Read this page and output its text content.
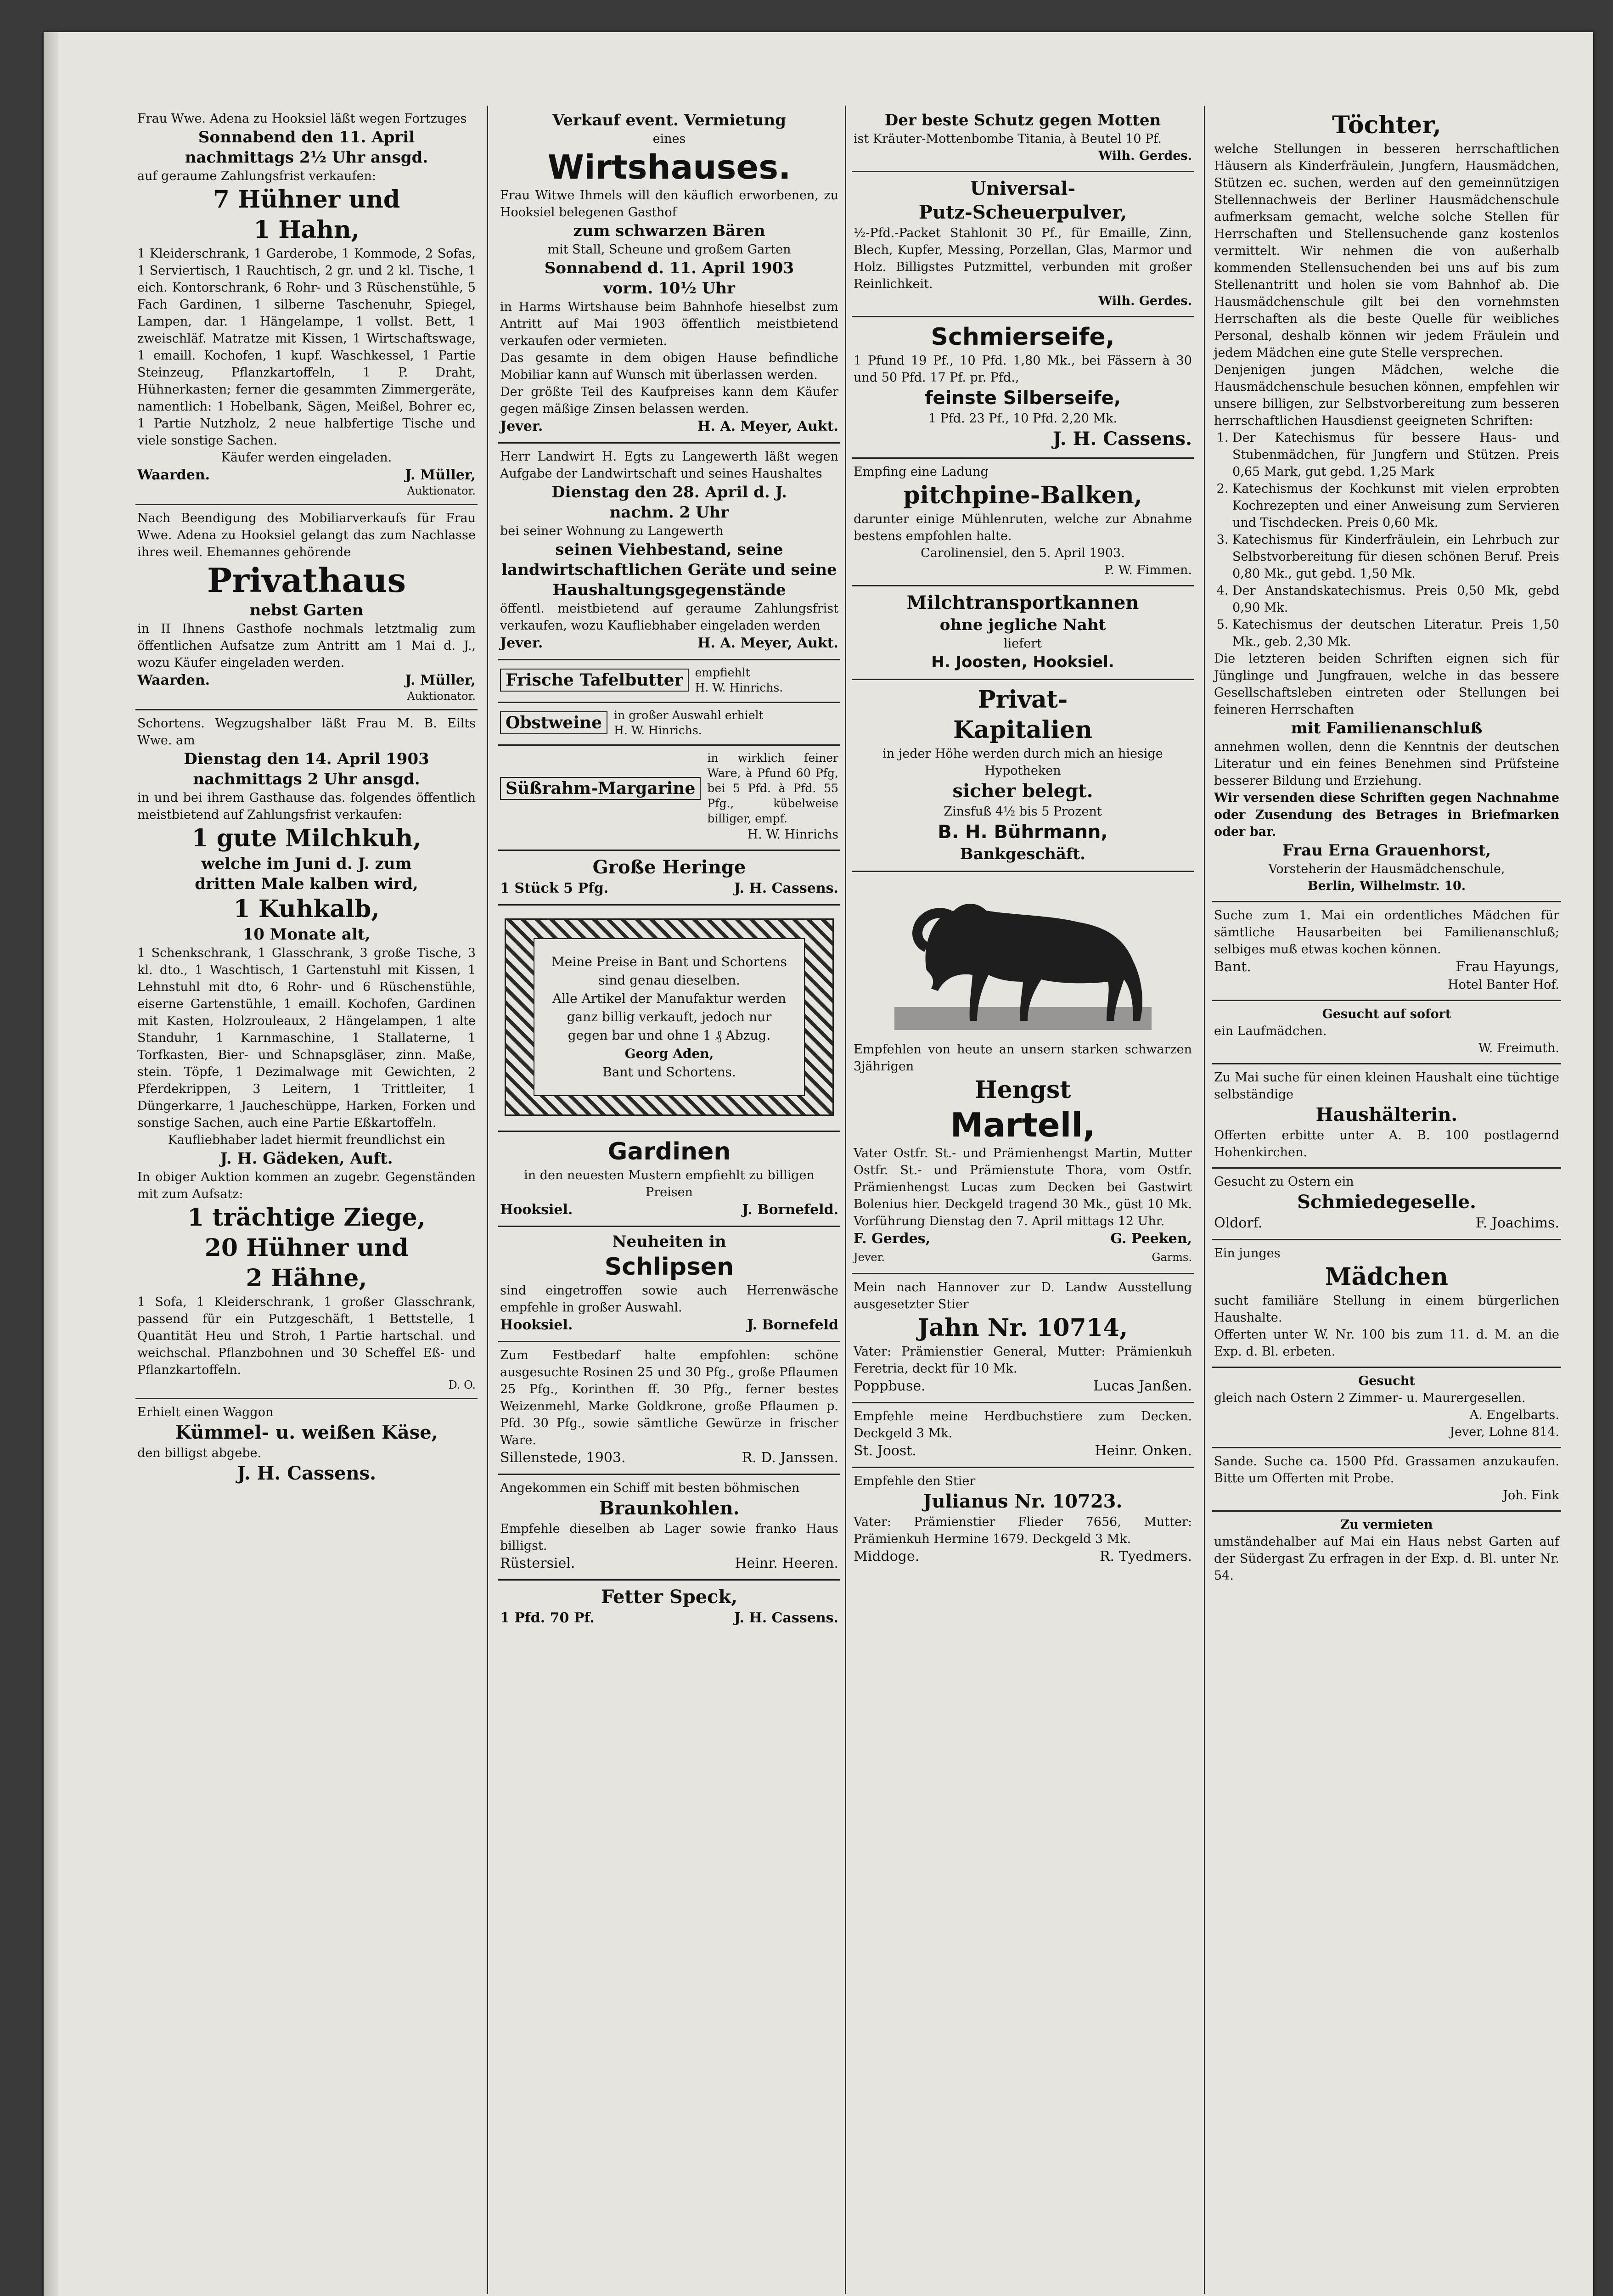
Frau Wwe. Adena zu Hooksiel läßt wegen Fortzuges

Sonnabend den 11. April

nachmittags 2½ Uhr ansgd.

auf geraume Zahlungsfrist verkaufen:

7 Hühner und

1 Hahn,

1 Kleiderschrank, 1 Garderobe, 1 Kommode, 2 Sofas, 1 Serviertisch, 1 Rauchtisch, 2 gr. und 2 kl. Tische, 1 eich. Kontorschrank, 6 Rohr- und 3 Rüschenstühle, 5 Fach Gardinen, 1 silberne Taschenuhr, Spiegel, Lampen, dar. 1 Hängelampe, 1 vollst. Bett, 1 zweischläf. Matratze mit Kissen, 1 Wirtschaftswage, 1 emaill. Kochofen, 1 kupf. Waschkessel, 1 Partie Steinzeug, Pflanzkartoffeln, 1 P. Draht, Hühnerkasten; ferner die gesammten Zimmergeräte, namentlich: 1 Hobelbank, Sägen, Meißel, Bohrer ec, 1 Partie Nutzholz, 2 neue halbfertige Tische und viele sonstige Sachen.

Käufer werden eingeladen.

Waarden.	J. Müller,
Auktionator.

Nach Beendigung des Mobiliarverkaufs für Frau Wwe. Adena zu Hooksiel gelangt das zum Nachlasse ihres weil. Ehemannes gehörende

Privathaus

nebst Garten

in II Ihnens Gasthofe nochmals letztmalig zum öffentlichen Aufsatze zum Antritt am 1 Mai d. J., wozu Käufer eingeladen werden.

Waarden.	J. Müller,
Auktionator.

Schortens. Wegzugshalber läßt Frau M. B. Eilts Wwe. am

Dienstag den 14. April 1903

nachmittags 2 Uhr ansgd.

in und bei ihrem Gasthause das. folgendes öffentlich meistbietend auf Zahlungsfrist verkaufen:

1 gute Milchkuh,

welche im Juni d. J. zum

dritten Male kalben wird,

1 Kuhkalb,

10 Monate alt,

1 Schenkschrank, 1 Glasschrank, 3 große Tische, 3 kl. dto., 1 Waschtisch, 1 Gartenstuhl mit Kissen, 1 Lehnstuhl mit dto, 6 Rohr- und 6 Rüschenstühle, eiserne Gartenstühle, 1 emaill. Kochofen, Gardinen mit Kasten, Holzrouleaux, 2 Hängelampen, 1 alte Standuhr, 1 Karnmaschine, 1 Stallaterne, 1 Torfkasten, Bier- und Schnapsgläser, zinn. Maße, stein. Töpfe, 1 Dezimalwage mit Gewichten, 2 Pferdekrippen, 3 Leitern, 1 Trittleiter, 1 Düngerkarre, 1 Jaucheschüppe, Harken, Forken und sonstige Sachen, auch eine Partie Eßkartoffeln.

Kaufliebhaber ladet hiermit freundlichst ein

J. H. Gädeken, Auft.

In obiger Auktion kommen an zugebr. Gegenständen mit zum Aufsatz:

1 trächtige Ziege,

20 Hühner und

2 Hähne,

1 Sofa, 1 Kleiderschrank, 1 großer Glasschrank, passend für ein Putzgeschäft, 1 Bettstelle, 1 Quantität Heu und Stroh, 1 Partie hartschal. und weichschal. Pflanzbohnen und 30 Scheffel Eß- und Pflanzkartoffeln.

D. O.

Erhielt einen Waggon

Kümmel- u. weißen Käse,

den billigst abgebe.

J. H. Cassens.

Verkauf event. Vermietung

eines

Wirtshauses.

Frau Witwe Ihmels will den käuflich erworbenen, zu Hooksiel belegenen Gasthof

zum schwarzen Bären

mit Stall, Scheune und großem Garten

Sonnabend d. 11. April 1903

vorm. 10½ Uhr

in Harms Wirtshause beim Bahnhofe hieselbst zum Antritt auf Mai 1903 öffentlich meistbietend verkaufen oder vermieten.

Das gesamte in dem obigen Hause befindliche Mobiliar kann auf Wunsch mit überlassen werden.

Der größte Teil des Kaufpreises kann dem Käufer gegen mäßige Zinsen belassen werden.

Jever.	H. A. Meyer, Aukt.

Herr Landwirt H. Egts zu Langewerth läßt wegen Aufgabe der Landwirtschaft und seines Haushaltes

Dienstag den 28. April d. J.

nachm. 2 Uhr

bei seiner Wohnung zu Langewerth

seinen Viehbestand, seine landwirtschaftlichen Geräte und seine Haushaltungsgegenstände

öffentl. meistbietend auf geraume Zahlungsfrist verkaufen, wozu Kaufliebhaber eingeladen werden

Jever.	H. A. Meyer, Aukt.
Frische Tafelbutter	empfiehlt

H. W. Hinrichs.

Obstweine	in großer Auswahl erhielt

H. W. Hinrichs.

Süßrahm-Margarine

in wirklich feiner Ware, à Pfund 60 Pfg, bei 5 Pfd. à Pfd. 55 Pfg., kübelweise billiger, empf.

H. W. Hinrichs

Große Heringe

1 Stück 5 Pfg.	J. H. Cassens.

Meine Preise in Bant und Schortens sind genau dieselben.

Alle Artikel der Manufaktur werden ganz billig verkauft, jedoch nur gegen bar und ohne 1 ₰ Abzug.

Georg Aden,

Bant und Schortens.

Gardinen

in den neuesten Mustern empfiehlt zu billigen Preisen

Hooksiel.	J. Bornefeld.

Neuheiten in

Schlipsen

sind eingetroffen sowie auch Herrenwäsche empfehle in großer Auswahl.

Hooksiel.	J. Bornefeld

Zum Festbedarf halte empfohlen: schöne ausgesuchte Rosinen 25 und 30 Pfg., große Pflaumen 25 Pfg., Korinthen ff. 30 Pfg., ferner bestes Weizenmehl, Marke Goldkrone, große Pflaumen p. Pfd. 30 Pfg., sowie sämtliche Gewürze in frischer Ware.

Sillenstede, 1903.	R. D. Janssen.

Angekommen ein Schiff mit besten böhmischen

Braunkohlen.

Empfehle dieselben ab Lager sowie franko Haus billigst.

Rüstersiel.	Heinr. Heeren.

Fetter Speck,

1 Pfd. 70 Pf.	J. H. Cassens.

Der beste Schutz gegen Motten

ist Kräuter-Mottenbombe Titania, à Beutel 10 Pf.

Wilh. Gerdes.

Universal-

Putz-Scheuerpulver,

½-Pfd.-Packet Stahlonit 30 Pf., für Emaille, Zinn, Blech, Kupfer, Messing, Porzellan, Glas, Marmor und Holz. Billigstes Putzmittel, verbunden mit großer Reinlichkeit.

Wilh. Gerdes.

Schmierseife,

1 Pfund 19 Pf., 10 Pfd. 1,80 Mk., bei Fässern à 30 und 50 Pfd. 17 Pf. pr. Pfd.,

feinste Silberseife,

1 Pfd. 23 Pf., 10 Pfd. 2,20 Mk.

J. H. Cassens.

Empfing eine Ladung

pitchpine-Balken,

darunter einige Mühlenruten, welche zur Abnahme bestens empfohlen halte.

Carolinensiel, den 5. April 1903.

P. W. Fimmen.

Milchtransportkannen

ohne jegliche Naht

liefert

H. Joosten, Hooksiel.

Privat-

Kapitalien

in jeder Höhe werden durch mich an hiesige Hypotheken

sicher belegt.

Zinsfuß 4½ bis 5 Prozent

B. H. Bührmann,

Bankgeschäft.

Empfehlen von heute an unsern starken schwarzen 3jährigen

Hengst

Martell,

Vater Ostfr. St.- und Prämienhengst Martin, Mutter Ostfr. St.- und Prämienstute Thora, vom Ostfr. Prämienhengst Lucas zum Decken bei Gastwirt Bolenius hier. Deckgeld tragend 30 Mk., güst 10 Mk. Vorführung Dienstag den 7. April mittags 12 Uhr.

F. Gerdes,	G. Peeken,
Jever.	Garms.

Mein nach Hannover zur D. Landw Ausstellung ausgesetzter Stier

Jahn Nr. 10714,

Vater: Prämienstier General, Mutter: Prämienkuh Feretria, deckt für 10 Mk.

Poppbuse.	Lucas Janßen.

Empfehle meine Herdbuchstiere zum Decken. Deckgeld 3 Mk.

St. Joost.	Heinr. Onken.

Empfehle den Stier

Julianus Nr. 10723.

Vater: Prämienstier Flieder 7656, Mutter: Prämienkuh Hermine 1679. Deckgeld 3 Mk.

Middoge.	R. Tyedmers.

Töchter,

welche Stellungen in besseren herrschaftlichen Häusern als Kinderfräulein, Jungfern, Hausmädchen, Stützen ec. suchen, werden auf den gemeinnützigen Stellennachweis der Berliner Hausmädchenschule aufmerksam gemacht, welche solche Stellen für Herrschaften und Stellensuchende ganz kostenlos vermittelt. Wir nehmen die von außerhalb kommenden Stellensuchenden bei uns auf bis zum Stellenantritt und holen sie vom Bahnhof ab. Die Hausmädchenschule gilt bei den vornehmsten Herrschaften als die beste Quelle für weibliches Personal, deshalb können wir jedem Fräulein und jedem Mädchen eine gute Stelle versprechen.

Denjenigen jungen Mädchen, welche die Hausmädchenschule besuchen können, empfehlen wir unsere billigen, zur Selbstvorbereitung zum besseren herrschaftlichen Hausdienst geeigneten Schriften:

1. Der Katechismus für bessere Haus- und Stubenmädchen, für Jungfern und Stützen. Preis 0,65 Mark, gut gebd. 1,25 Mark
2. Katechismus der Kochkunst mit vielen erprobten Kochrezepten und einer Anweisung zum Servieren und Tischdecken. Preis 0,60 Mk.
3. Katechismus für Kinderfräulein, ein Lehrbuch zur Selbstvorbereitung für diesen schönen Beruf. Preis 0,80 Mk., gut gebd. 1,50 Mk.
4. Der Anstandskatechismus. Preis 0,50 Mk, gebd 0,90 Mk.
5. Katechismus der deutschen Literatur. Preis 1,50 Mk., geb. 2,30 Mk.

Die letzteren beiden Schriften eignen sich für Jünglinge und Jungfrauen, welche in das bessere Gesellschaftsleben eintreten oder Stellungen bei feineren Herrschaften

mit Familienanschluß

annehmen wollen, denn die Kenntnis der deutschen Literatur und ein feines Benehmen sind Prüfsteine besserer Bildung und Erziehung.

Wir versenden diese Schriften gegen Nachnahme oder Zusendung des Betrages in Briefmarken oder bar.

Frau Erna Grauenhorst,

Vorsteherin der Hausmädchenschule,

Berlin, Wilhelmstr. 10.

Suche zum 1. Mai ein ordentliches Mädchen für sämtliche Hausarbeiten bei Familienanschluß; selbiges muß etwas kochen können.

Bant.	Frau Hayungs,

Hotel Banter Hof.

Gesucht auf sofort

ein Laufmädchen.

W. Freimuth.

Zu Mai suche für einen kleinen Haushalt eine tüchtige selbständige

Haushälterin.

Offerten erbitte unter A. B. 100 postlagernd Hohenkirchen.

Gesucht zu Ostern ein

Schmiedegeselle.

Oldorf.	F. Joachims.

Ein junges

Mädchen

sucht familiäre Stellung in einem bürgerlichen Haushalte.

Offerten unter W. Nr. 100 bis zum 11. d. M. an die Exp. d. Bl. erbeten.

Gesucht

gleich nach Ostern 2 Zimmer- u. Maurergesellen.

A. Engelbarts.

Jever, Lohne 814.

Sande. Suche ca. 1500 Pfd. Grassamen anzukaufen. Bitte um Offerten mit Probe.

Joh. Fink

Zu vermieten

umständehalber auf Mai ein Haus nebst Garten auf der Südergast Zu erfragen in der Exp. d. Bl. unter Nr. 54.
